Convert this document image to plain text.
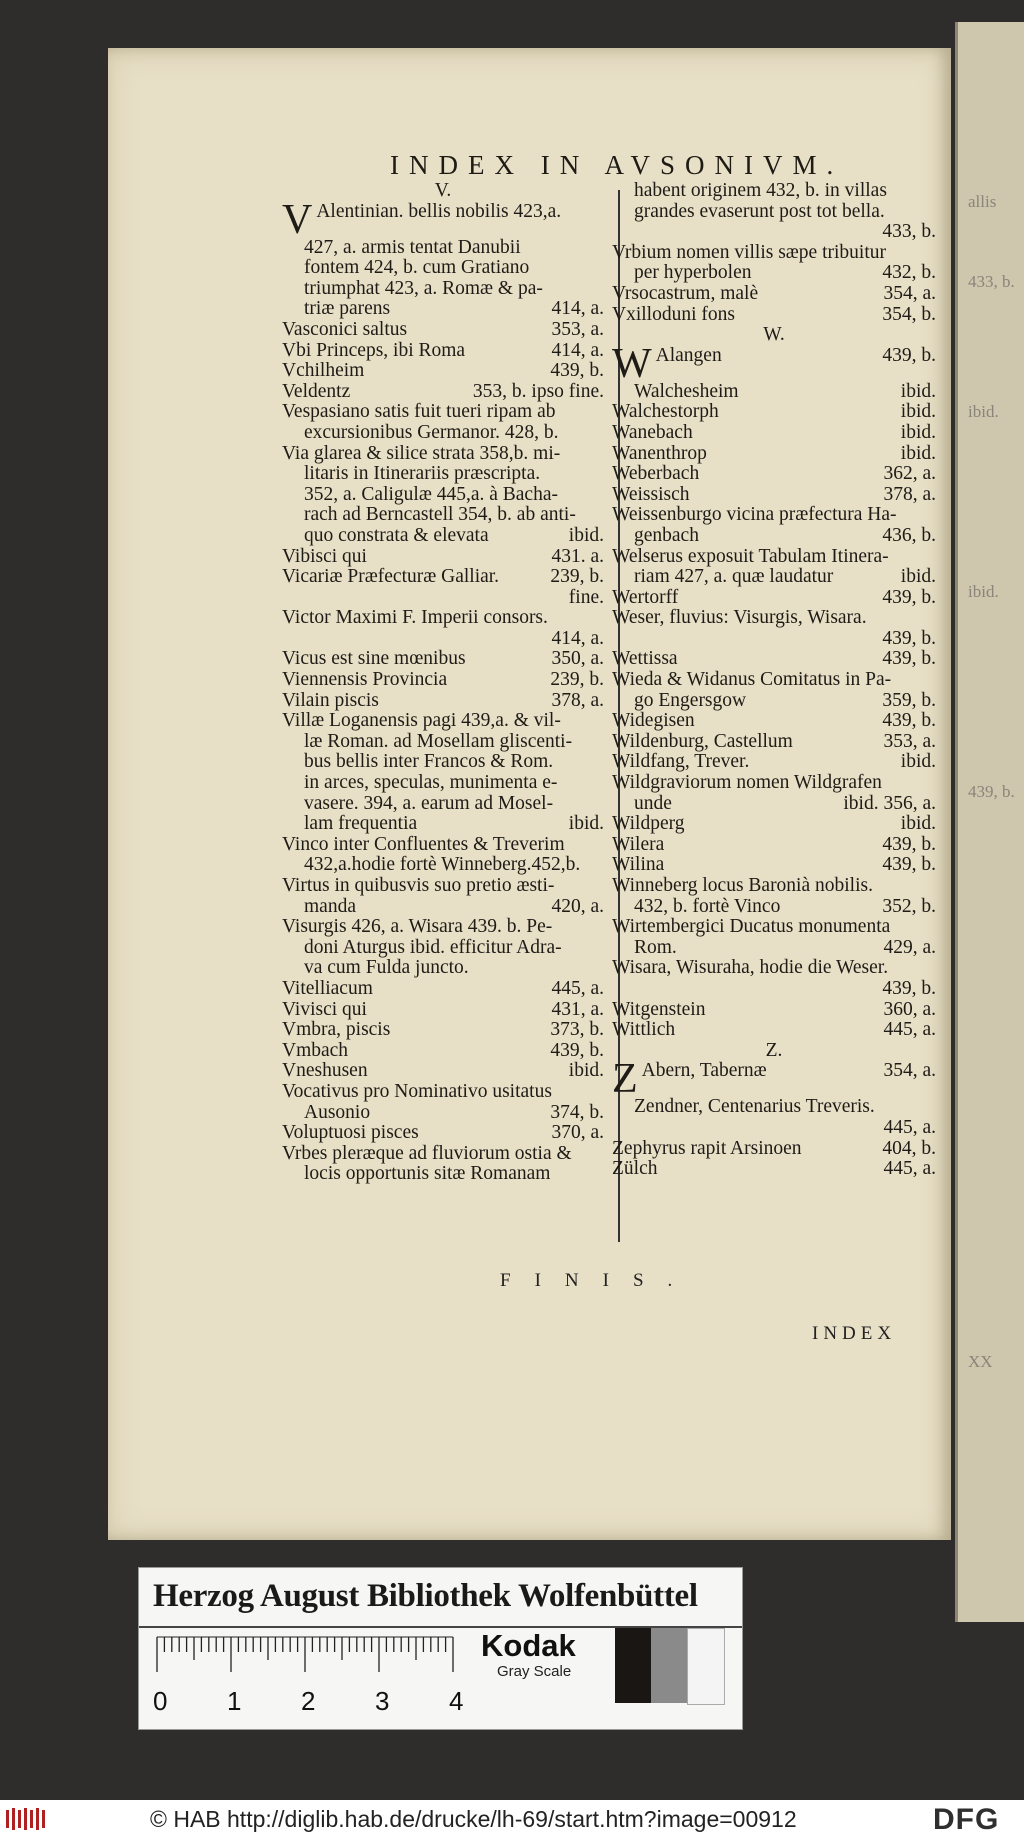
allis
433, b.
ibid.
ibid.
439, b.
XX
INDEX IN AVSONIVM.
V.
V Alentinian. bellis nobilis 423,a.
427, a. armis tentat Danubii
fontem 424, b. cum Gratiano
triumphat 423, a. Romæ & pa-
triæ parens	414, a.
Vasconici saltus	353, a.
Vbi Princeps, ibi Roma	414, a.
Vchilheim	439, b.
Veldentz	353, b. ipso fine.
Vespasiano satis fuit tueri ripam ab
excursionibus Germanor. 428, b.
Via glarea & silice strata 358,b. mi-
litaris in Itinerariis præscripta.
352, a. Caligulæ 445,a. à Bacha-
rach ad Berncastell 354, b. ab anti-
quo constrata & elevata	ibid.
Vibisci qui	431. a.
Vicariæ Præfecturæ Galliar.	239, b.
fine.
Victor Maximi F. Imperii consors.
414, a.
Vicus est sine mœnibus	350, a.
Viennensis Provincia	239, b.
Vilain piscis	378, a.
Villæ Loganensis pagi 439,a. & vil-
læ Roman. ad Mosellam gliscenti-
bus bellis inter Francos & Rom.
in arces, speculas, munimenta e-
vasere. 394, a. earum ad Mosel-
lam frequentia	ibid.
Vinco inter Confluentes & Treverim
432,a.hodie fortè Winneberg.452,b.
Virtus in quibusvis suo pretio æsti-
manda	420, a.
Visurgis 426, a. Wisara 439. b. Pe-
doni Aturgus ibid. efficitur Adra-
va cum Fulda juncto.
Vitelliacum	445, a.
Vivisci qui	431, a.
Vmbra, piscis	373, b.
Vmbach	439, b.
Vneshusen	ibid.
Vocativus pro Nominativo usitatus
Ausonio	374, b.
Voluptuosi pisces	370, a.
Vrbes pleræque ad fluviorum ostia &
locis opportunis sitæ Romanam
habent originem 432, b. in villas
grandes evaserunt post tot bella.
433, b.
Vrbium nomen villis sæpe tribuitur
per hyperbolen	432, b.
Vrsocastrum, malè	354, a.
Vxilloduni fons	354, b.
W.
W Alangen	439, b.
Walchesheim	ibid.
Walchestorph	ibid.
Wanebach	ibid.
Wanenthrop	ibid.
Weberbach	362, a.
Weissisch	378, a.
Weissenburgo vicina præfectura Ha-
genbach	436, b.
Welserus exposuit Tabulam Itinera-
riam 427, a. quæ laudatur	ibid.
Wertorff	439, b.
Weser, fluvius: Visurgis, Wisara.
439, b.
Wettissa	439, b.
Wieda & Widanus Comitatus in Pa-
go Engersgow	359, b.
Widegisen	439, b.
Wildenburg, Castellum	353, a.
Wildfang, Trever.	ibid.
Wildgraviorum nomen Wildgrafen
unde	ibid. 356, a.
Wildperg	ibid.
Wilera	439, b.
Wilina	439, b.
Winneberg locus Baronià nobilis.
432, b. fortè Vinco	352, b.
Wirtembergici Ducatus monumenta
Rom.	429, a.
Wisara, Wisuraha, hodie die Weser.
439, b.
Witgenstein	360, a.
Wittlich	445, a.
Z.
Z Abern, Tabernæ	354, a.
Zendner, Centenarius Treveris.
445, a.
Zephyrus rapit Arsinoen	404, b.
Zülch	445, a.
FINIS.
INDEX
Herzog August Bibliothek Wolfenbüttel
0 1 2 3 4
Kodak
Gray Scale
© HAB http://diglib.hab.de/drucke/lh-69/start.htm?image=00912	DFG
